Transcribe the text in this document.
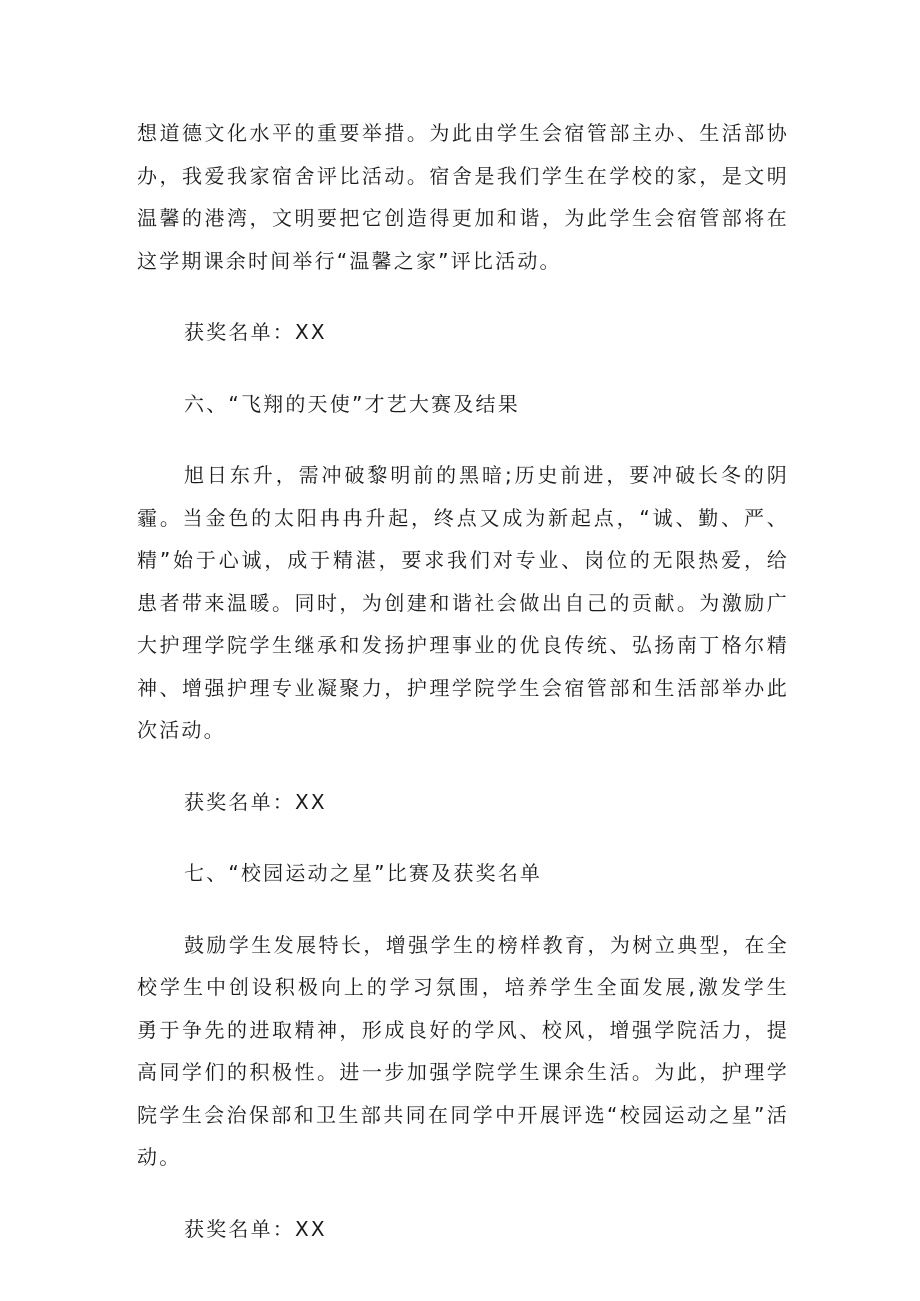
想道德文化水平的重要举措。为此由学生会宿管部主办、生活部协办，我爱我家宿舍评比活动。宿舍是我们学生在学校的家，是文明温馨的港湾，文明要把它创造得更加和谐，为此学生会宿管部将在这学期课余时间举行“温馨之家”评比活动。

获奖名单：XX

六、“飞翔的天使”才艺大赛及结果

旭日东升，需冲破黎明前的黑暗;历史前进，要冲破长冬的阴霾。当金色的太阳冉冉升起，终点又成为新起点，“诚、勤、严、精”始于心诚，成于精湛，要求我们对专业、岗位的无限热爱，给患者带来温暖。同时，为创建和谐社会做出自己的贡献。为激励广大护理学院学生继承和发扬护理事业的优良传统、弘扬南丁格尔精神、增强护理专业凝聚力，护理学院学生会宿管部和生活部举办此次活动。

获奖名单：XX

七、“校园运动之星”比赛及获奖名单

鼓励学生发展特长，增强学生的榜样教育，为树立典型，在全校学生中创设积极向上的学习氛围，培养学生全面发展,激发学生勇于争先的进取精神，形成良好的学风、校风，增强学院活力，提高同学们的积极性。进一步加强学院学生课余生活。为此，护理学院学生会治保部和卫生部共同在同学中开展评选“校园运动之星”活动。

获奖名单：XX
